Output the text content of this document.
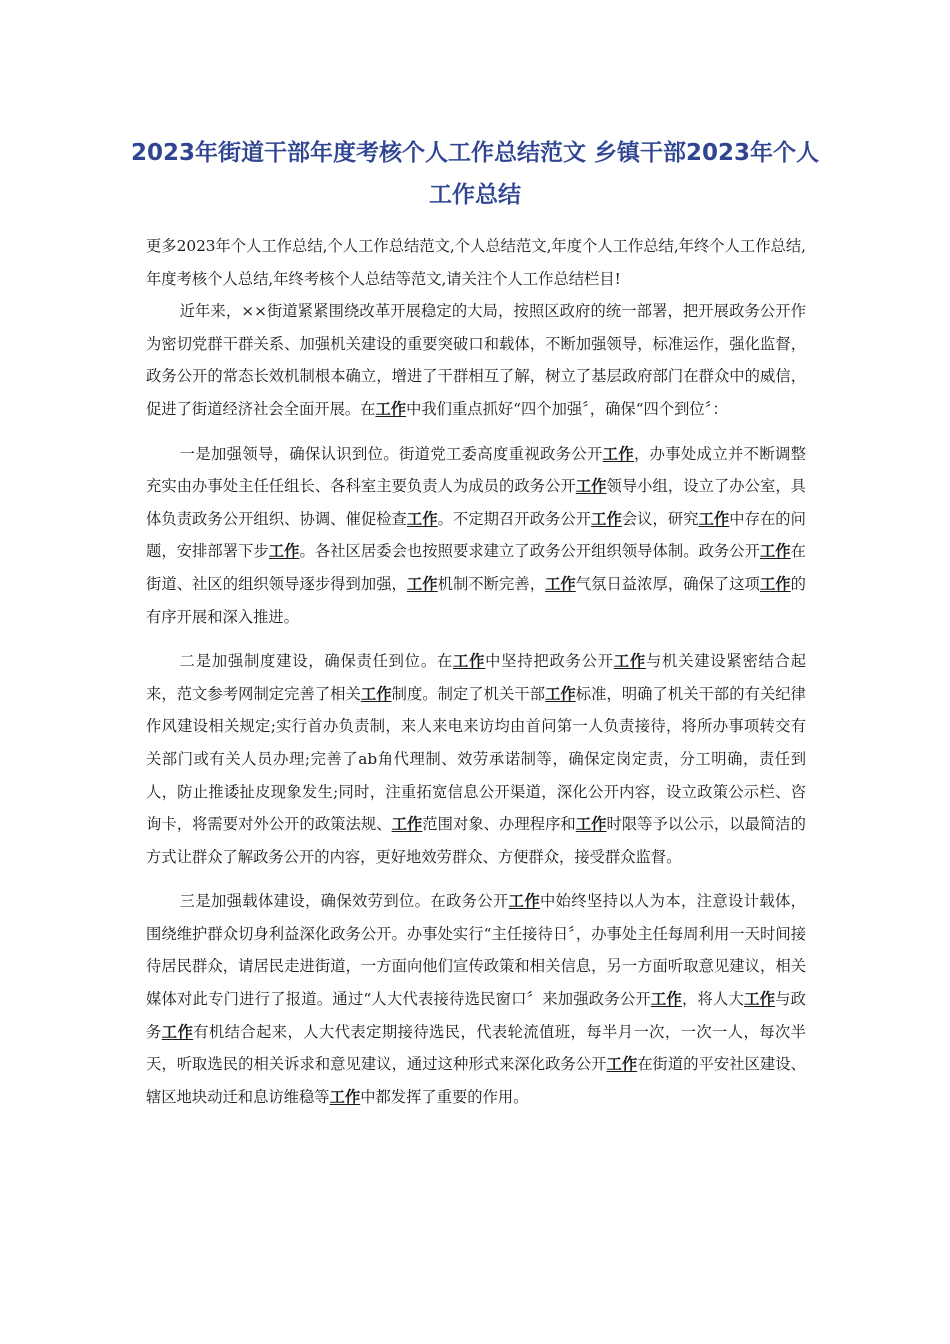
2023年街道干部年度考核个人工作总结范文 乡镇干部2023年个人工作总结

更多2023年个人工作总结,个人工作总结范文,个人总结范文,年度个人工作总结,年终个人工作总结,年度考核个人总结,年终考核个人总结等范文,请关注个人工作总结栏目!

近年来，××街道紧紧围绕改革开展稳定的大局，按照区政府的统一部署，把开展政务公开作为密切党群干群关系、加强机关建设的重要突破口和载体，不断加强领导，标准运作，强化监督，政务公开的常态长效机制根本确立，增进了干群相互了解，树立了基层政府部门在群众中的威信，促进了街道经济社会全面开展。在工作中我们重点抓好“四个加强〞，确保“四个到位〞：

一是加强领导，确保认识到位。街道党工委高度重视政务公开工作，办事处成立并不断调整充实由办事处主任任组长、各科室主要负责人为成员的政务公开工作领导小组，设立了办公室，具体负责政务公开组织、协调、催促检查工作。不定期召开政务公开工作会议，研究工作中存在的问题，安排部署下步工作。各社区居委会也按照要求建立了政务公开组织领导体制。政务公开工作在街道、社区的组织领导逐步得到加强，工作机制不断完善，工作气氛日益浓厚，确保了这项工作的有序开展和深入推进。

二是加强制度建设，确保责任到位。在工作中坚持把政务公开工作与机关建设紧密结合起来，范文参考网制定完善了相关工作制度。制定了机关干部工作标准，明确了机关干部的有关纪律作风建设相关规定;实行首办负责制，来人来电来访均由首问第一人负责接待，将所办事项转交有关部门或有关人员办理;完善了ab角代理制、效劳承诺制等，确保定岗定责，分工明确，责任到人，防止推诿扯皮现象发生;同时，注重拓宽信息公开渠道，深化公开内容，设立政策公示栏、咨询卡，将需要对外公开的政策法规、工作范围对象、办理程序和工作时限等予以公示，以最简洁的方式让群众了解政务公开的内容，更好地效劳群众、方便群众，接受群众监督。

三是加强载体建设，确保效劳到位。在政务公开工作中始终坚持以人为本，注意设计载体，围绕维护群众切身利益深化政务公开。办事处实行“主任接待日〞，办事处主任每周利用一天时间接待居民群众，请居民走进街道，一方面向他们宣传政策和相关信息，另一方面听取意见建议，相关媒体对此专门进行了报道。通过“人大代表接待选民窗口〞来加强政务公开工作，将人大工作与政务工作有机结合起来，人大代表定期接待选民，代表轮流值班，每半月一次，一次一人，每次半天，听取选民的相关诉求和意见建议，通过这种形式来深化政务公开工作在街道的平安社区建设、辖区地块动迁和息访维稳等工作中都发挥了重要的作用。
